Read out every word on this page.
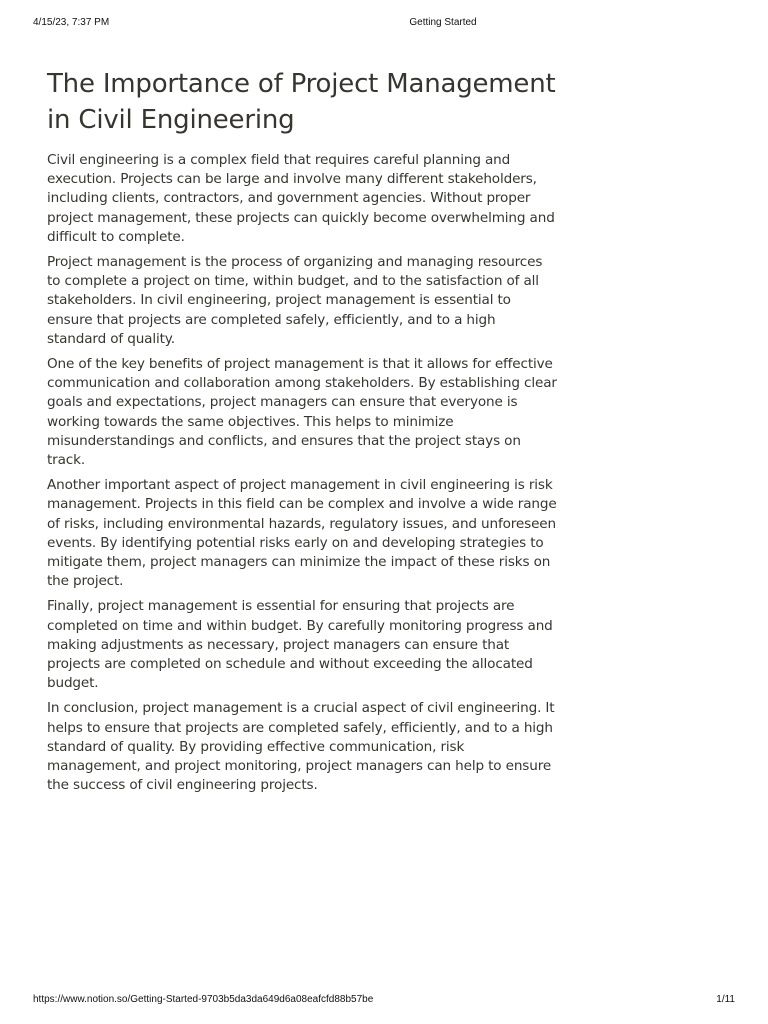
4/15/23, 7:37 PM	Getting Started
The Importance of Project Management in Civil Engineering

Civil engineering is a complex field that requires careful planning and execution. Projects can be large and involve many different stakeholders, including clients, contractors, and government agencies. Without proper project management, these projects can quickly become overwhelming and difficult to complete.

Project management is the process of organizing and managing resources to complete a project on time, within budget, and to the satisfaction of all stakeholders. In civil engineering, project management is essential to ensure that projects are completed safely, efficiently, and to a high standard of quality.

One of the key benefits of project management is that it allows for effective communication and collaboration among stakeholders. By establishing clear goals and expectations, project managers can ensure that everyone is working towards the same objectives. This helps to minimize misunderstandings and conflicts, and ensures that the project stays on track.

Another important aspect of project management in civil engineering is risk management. Projects in this field can be complex and involve a wide range of risks, including environmental hazards, regulatory issues, and unforeseen events. By identifying potential risks early on and developing strategies to mitigate them, project managers can minimize the impact of these risks on the project.

Finally, project management is essential for ensuring that projects are completed on time and within budget. By carefully monitoring progress and making adjustments as necessary, project managers can ensure that projects are completed on schedule and without exceeding the allocated budget.

In conclusion, project management is a crucial aspect of civil engineering. It helps to ensure that projects are completed safely, efficiently, and to a high standard of quality. By providing effective communication, risk management, and project monitoring, project managers can help to ensure the success of civil engineering projects.

https://www.notion.so/Getting-Started-9703b5da3da649d6a08eafcfd88b57be	1/11
